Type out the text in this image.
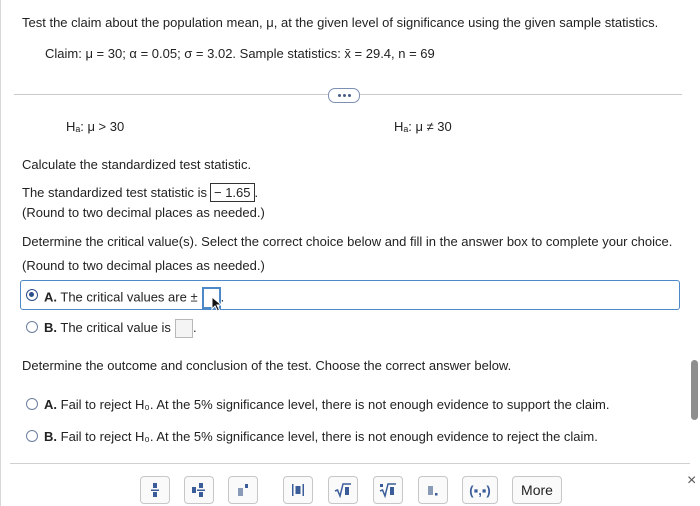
Test the claim about the population mean, μ, at the given level of significance using the given sample statistics.
Claim: μ = 30; α = 0.05; σ = 3.02. Sample statistics: x̄ = 29.4, n = 69
Hₐ: μ > 30	Hₐ: μ ≠ 30
Calculate the standardized test statistic.
The standardized test statistic is − 1.65 .
(Round to two decimal places as needed.)
Determine the critical value(s). Select the correct choice below and fill in the answer box to complete your choice.
(Round to two decimal places as needed.)
A. The critical values are ± .
B. The critical value is .
Determine the outcome and conclusion of the test. Choose the correct answer below.
A. Fail to reject H₀. At the 5% significance level, there is not enough evidence to support the claim.
B. Fail to reject H₀. At the 5% significance level, there is not enough evidence to reject the claim.
(▪,▪) More
×
